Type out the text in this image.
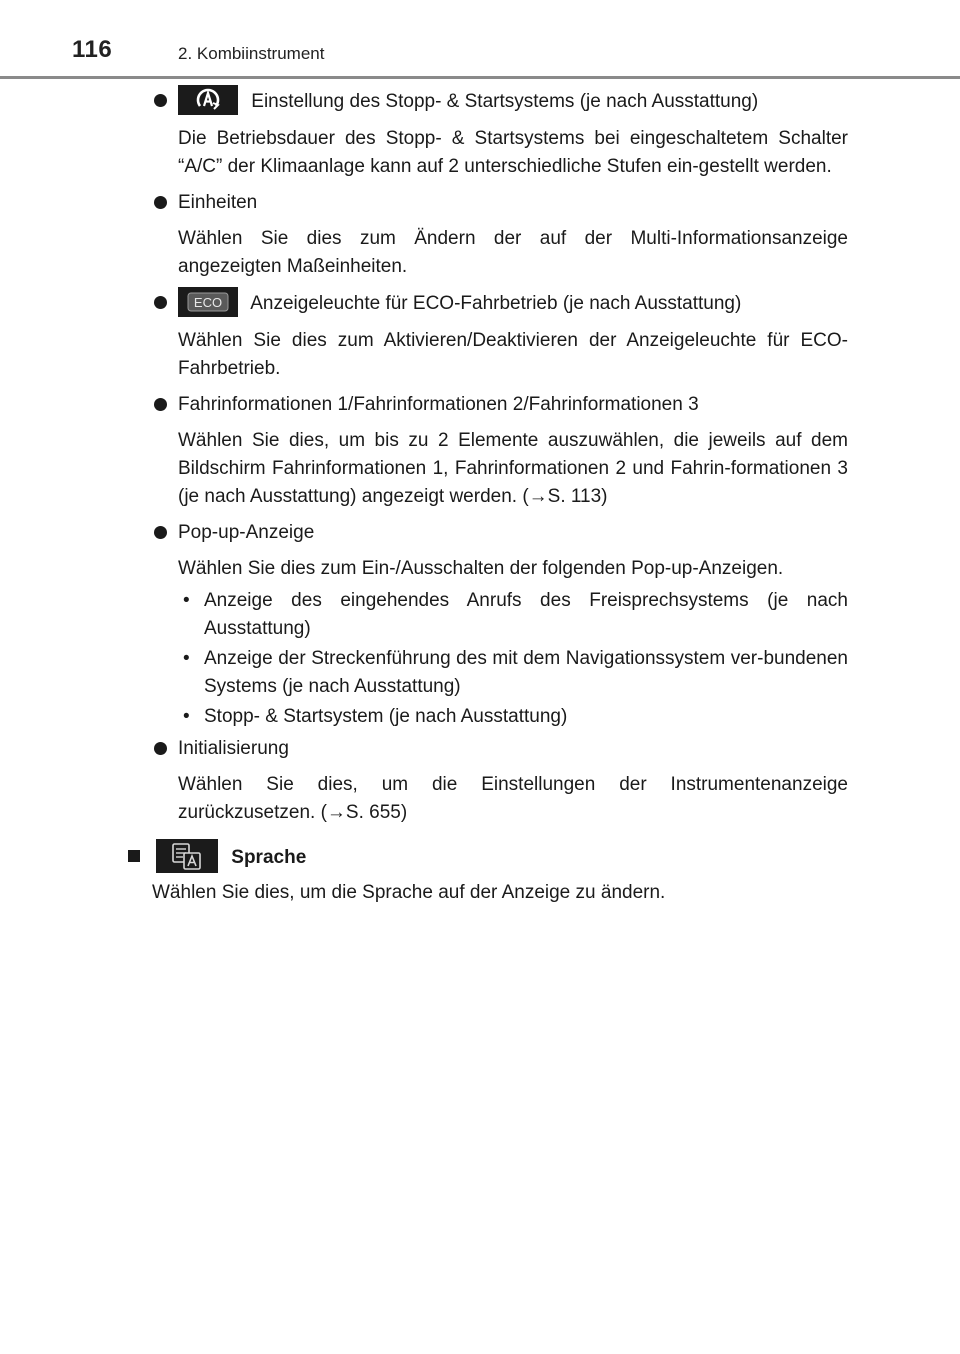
116	2. Kombiinstrument
Einstellung des Stopp- & Startsystems (je nach Ausstattung)
Die Betriebsdauer des Stopp- & Startsystems bei eingeschaltetem Schalter “A/C” der Klimaanlage kann auf 2 unterschiedliche Stufen ein-gestellt werden.
Einheiten
Wählen Sie dies zum Ändern der auf der Multi-Informationsanzeige angezeigten Maßeinheiten.
ECO Anzeigeleuchte für ECO-Fahrbetrieb (je nach Ausstattung)
Wählen Sie dies zum Aktivieren/Deaktivieren der Anzeigeleuchte für ECO-Fahrbetrieb.
Fahrinformationen 1/Fahrinformationen 2/Fahrinformationen 3
Wählen Sie dies, um bis zu 2 Elemente auszuwählen, die jeweils auf dem Bildschirm Fahrinformationen 1, Fahrinformationen 2 und Fahrin-formationen 3 (je nach Ausstattung) angezeigt werden. (→S. 113)
Pop-up-Anzeige
Wählen Sie dies zum Ein-/Ausschalten der folgenden Pop-up-Anzeigen.
• Anzeige des eingehendes Anrufs des Freisprechsystems (je nach Ausstattung)
• Anzeige der Streckenführung des mit dem Navigationssystem ver-bundenen Systems (je nach Ausstattung)
• Stopp- & Startsystem (je nach Ausstattung)
Initialisierung
Wählen Sie dies, um die Einstellungen der Instrumentenanzeige zurückzusetzen. (→S. 655)
Sprache
Wählen Sie dies, um die Sprache auf der Anzeige zu ändern.
